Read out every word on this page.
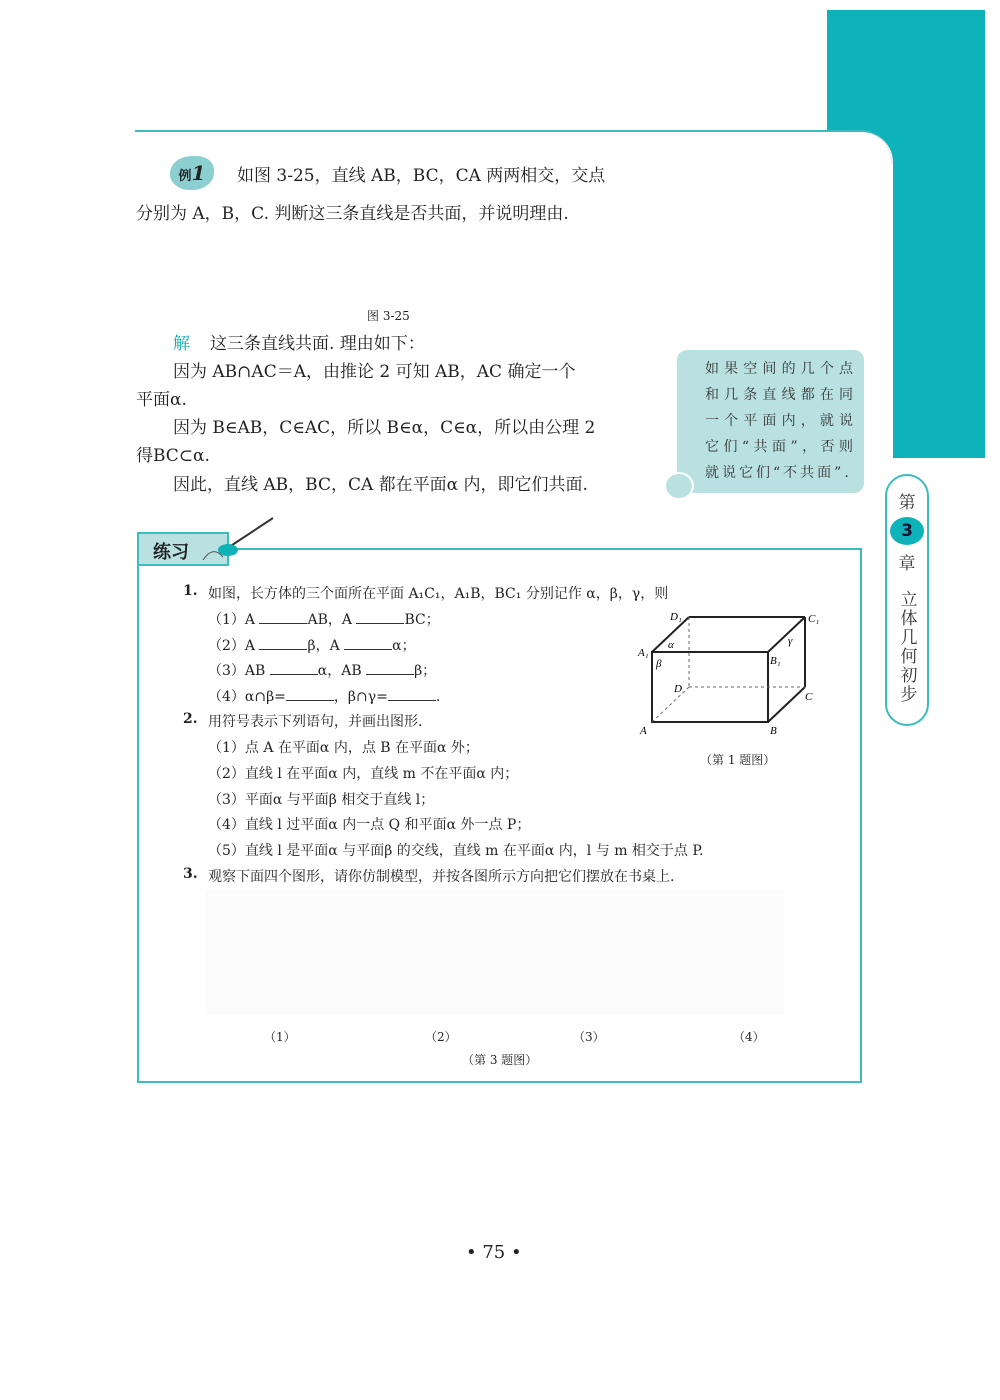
例1	如图 3-25，直线 AB，BC，CA 两两相交，交点
分别为 A，B，C. 判断这三条直线是否共面，并说明理由.
图 3-25
解 这三条直线共面. 理由如下：
因为 AB∩AC＝A，由推论 2 可知 AB，AC 确定一个
平面α.
因为 B∈AB，C∈AC，所以 B∈α，C∈α，所以由公理 2
得BC⊂α.
因此，直线 AB，BC，CA 都在平面α 内，即它们共面.
如果空间的几个点和几条直线都在同一个平面内，就说它们“共面”，否则就说它们“不共面”.
第
3
章
立体几何初步
练习
1. 如图，长方体的三个面所在平面 A₁C₁，A₁B，BC₁ 分别记作 α，β，γ，则
（1）A	AB，A	BC；
（2）A	β，A	α；
（3）AB	α，AB	β；
（4）α∩β=	，β∩γ=	.
A	B
C
D
A₁
B₁
C₁
D₁
α
β
γ
（第 1 题图）
2. 用符号表示下列语句，并画出图形.
（1）点 A 在平面α 内，点 B 在平面α 外；
（2）直线 l 在平面α 内，直线 m 不在平面α 内；
（3）平面α 与平面β 相交于直线 l；
（4）直线 l 过平面α 内一点 Q 和平面α 外一点 P；
（5）直线 l 是平面α 与平面β 的交线，直线 m 在平面α 内，l 与 m 相交于点 P.
3. 观察下面四个图形，请你仿制模型，并按各图所示方向把它们摆放在书桌上.
（1）	（2）	（3）	（4）
（第 3 题图）
• 75 •
